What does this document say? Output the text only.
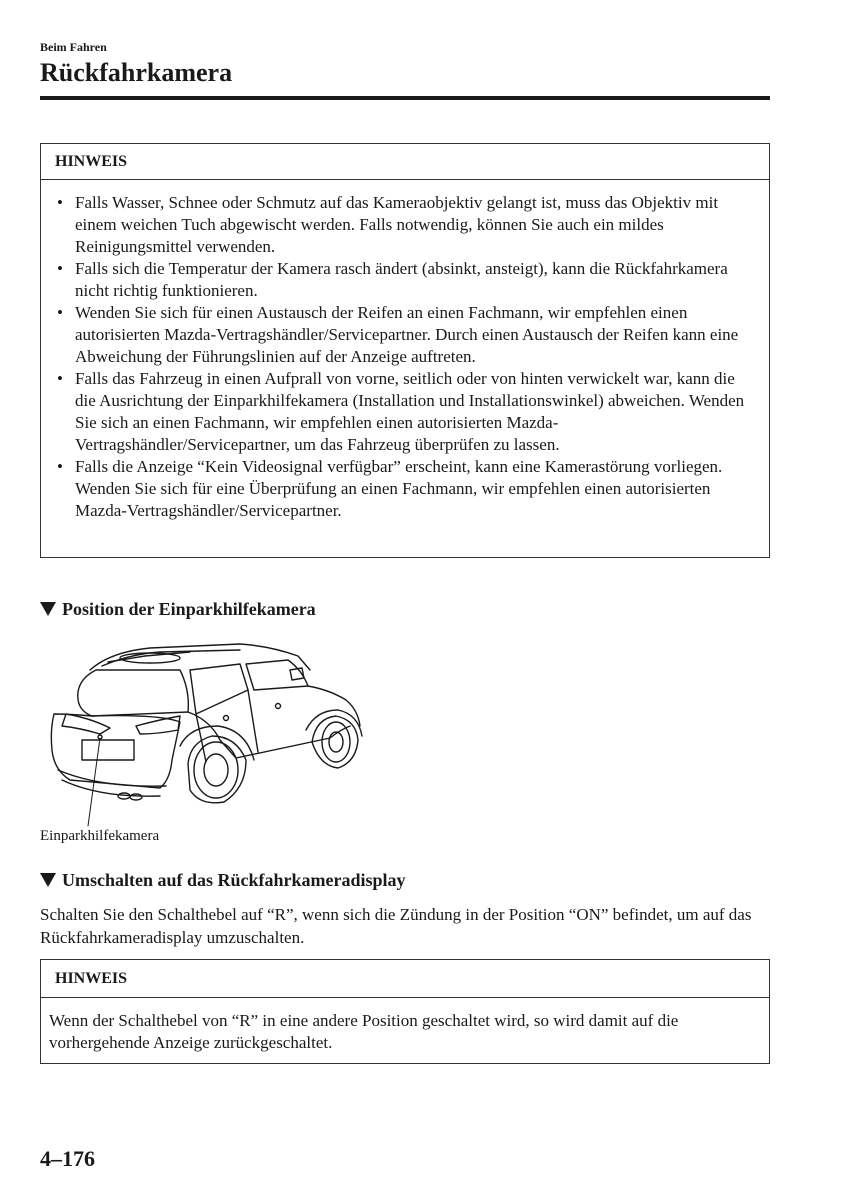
Beim Fahren
Rückfahrkamera
HINWEIS
• Falls Wasser, Schnee oder Schmutz auf das Kameraobjektiv gelangt ist, muss das Objektiv mit einem weichen Tuch abgewischt werden. Falls notwendig, können Sie auch ein mildes Reinigungsmittel verwenden.
• Falls sich die Temperatur der Kamera rasch ändert (absinkt, ansteigt), kann die Rückfahrkamera nicht richtig funktionieren.
• Wenden Sie sich für einen Austausch der Reifen an einen Fachmann, wir empfehlen einen autorisierten Mazda-Vertragshändler/Servicepartner. Durch einen Austausch der Reifen kann eine Abweichung der Führungslinien auf der Anzeige auftreten.
• Falls das Fahrzeug in einen Aufprall von vorne, seitlich oder von hinten verwickelt war, kann die die Ausrichtung der Einparkhilfekamera (Installation und Installationswinkel) abweichen. Wenden Sie sich an einen Fachmann, wir empfehlen einen autorisierten Mazda-Vertragshändler/Servicepartner, um das Fahrzeug überprüfen zu lassen.
• Falls die Anzeige “Kein Videosignal verfügbar” erscheint, kann eine Kamerastörung vorliegen. Wenden Sie sich für eine Überprüfung an einen Fachmann, wir empfehlen einen autorisierten Mazda-Vertragshändler/Servicepartner.
Position der Einparkhilfekamera
Einparkhilfekamera
Umschalten auf das Rückfahrkameradisplay

Schalten Sie den Schalthebel auf “R”, wenn sich die Zündung in der Position “ON” befindet, um auf das Rückfahrkameradisplay umzuschalten.

HINWEIS
Wenn der Schalthebel von “R” in eine andere Position geschaltet wird, so wird damit auf die vorhergehende Anzeige zurückgeschaltet.
4–176
